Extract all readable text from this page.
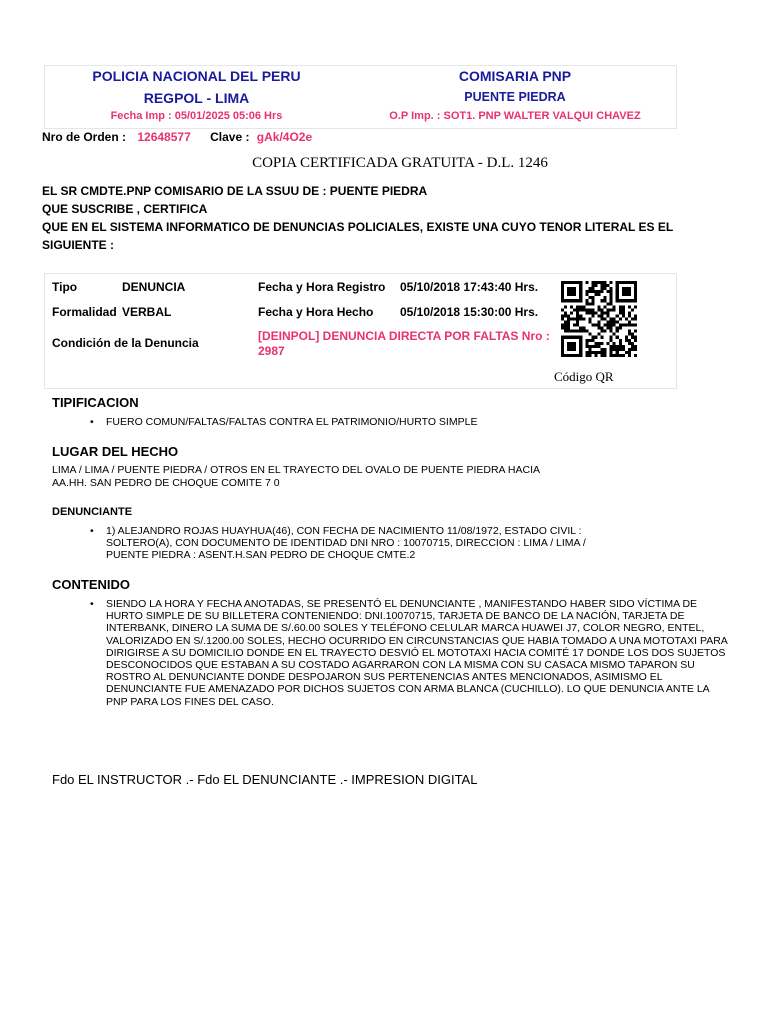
POLICIA NACIONAL DEL PERU
REGPOL - LIMA
Fecha Imp : 05/01/2025 05:06 Hrs
COMISARIA PNP
PUENTE PIEDRA
O.P Imp. : SOT1. PNP WALTER VALQUI CHAVEZ
Nro de Orden : 12648577 Clave : gAk/4O2e
COPIA CERTIFICADA GRATUITA - D.L. 1246
EL SR CMDTE.PNP COMISARIO DE LA SSUU DE : PUENTE PIEDRA
QUE SUSCRIBE , CERTIFICA
QUE EN EL SISTEMA INFORMATICO DE DENUNCIAS POLICIALES, EXISTE UNA CUYO TENOR LITERAL ES EL SIGUIENTE :
Tipo	DENUNCIA
Formalidad VERBAL
Condición de la Denuncia
Fecha y Hora Registro 05/10/2018 17:43:40 Hrs.
Fecha y Hora Hecho 05/10/2018 15:30:00 Hrs.
[DEINPOL] DENUNCIA DIRECTA POR FALTAS Nro : 2987
Código QR
TIPIFICACION
• FUERO COMUN/FALTAS/FALTAS CONTRA EL PATRIMONIO/HURTO SIMPLE
LUGAR DEL HECHO
LIMA / LIMA / PUENTE PIEDRA / OTROS EN EL TRAYECTO DEL OVALO DE PUENTE PIEDRA HACIA AA.HH. SAN PEDRO DE CHOQUE COMITE 7 0
DENUNCIANTE
• 1) ALEJANDRO ROJAS HUAYHUA(46), CON FECHA DE NACIMIENTO 11/08/1972, ESTADO CIVIL : SOLTERO(A), CON DOCUMENTO DE IDENTIDAD DNI NRO : 10070715, DIRECCION : LIMA / LIMA / PUENTE PIEDRA : ASENT.H.SAN PEDRO DE CHOQUE CMTE.2
CONTENIDO
• SIENDO LA HORA Y FECHA ANOTADAS, SE PRESENTÓ EL DENUNCIANTE , MANIFESTANDO HABER SIDO VÍCTIMA DE HURTO SIMPLE DE SU BILLETERA CONTENIENDO: DNI.10070715, TARJETA DE BANCO DE LA NACIÓN, TARJETA DE INTERBANK, DINERO LA SUMA DE S/.60.00 SOLES Y TELÉFONO CELULAR MARCA HUAWEI J7, COLOR NEGRO, ENTEL, VALORIZADO EN S/.1200.00 SOLES, HECHO OCURRIDO EN CIRCUNSTANCIAS QUE HABIA TOMADO A UNA MOTOTAXI PARA DIRIGIRSE A SU DOMICILIO DONDE EN EL TRAYECTO DESVIÓ EL MOTOTAXI HACIA COMITÉ 17 DONDE LOS DOS SUJETOS DESCONOCIDOS QUE ESTABAN A SU COSTADO AGARRARON CON LA MISMA CON SU CASACA MISMO TAPARON SU ROSTRO AL DENUNCIANTE DONDE DESPOJARON SUS PERTENENCIAS ANTES MENCIONADOS, ASIMISMO EL DENUNCIANTE FUE AMENAZADO POR DICHOS SUJETOS CON ARMA BLANCA (CUCHILLO). LO QUE DENUNCIA ANTE LA PNP PARA LOS FINES DEL CASO.
Fdo EL INSTRUCTOR .- Fdo EL DENUNCIANTE .- IMPRESION DIGITAL
